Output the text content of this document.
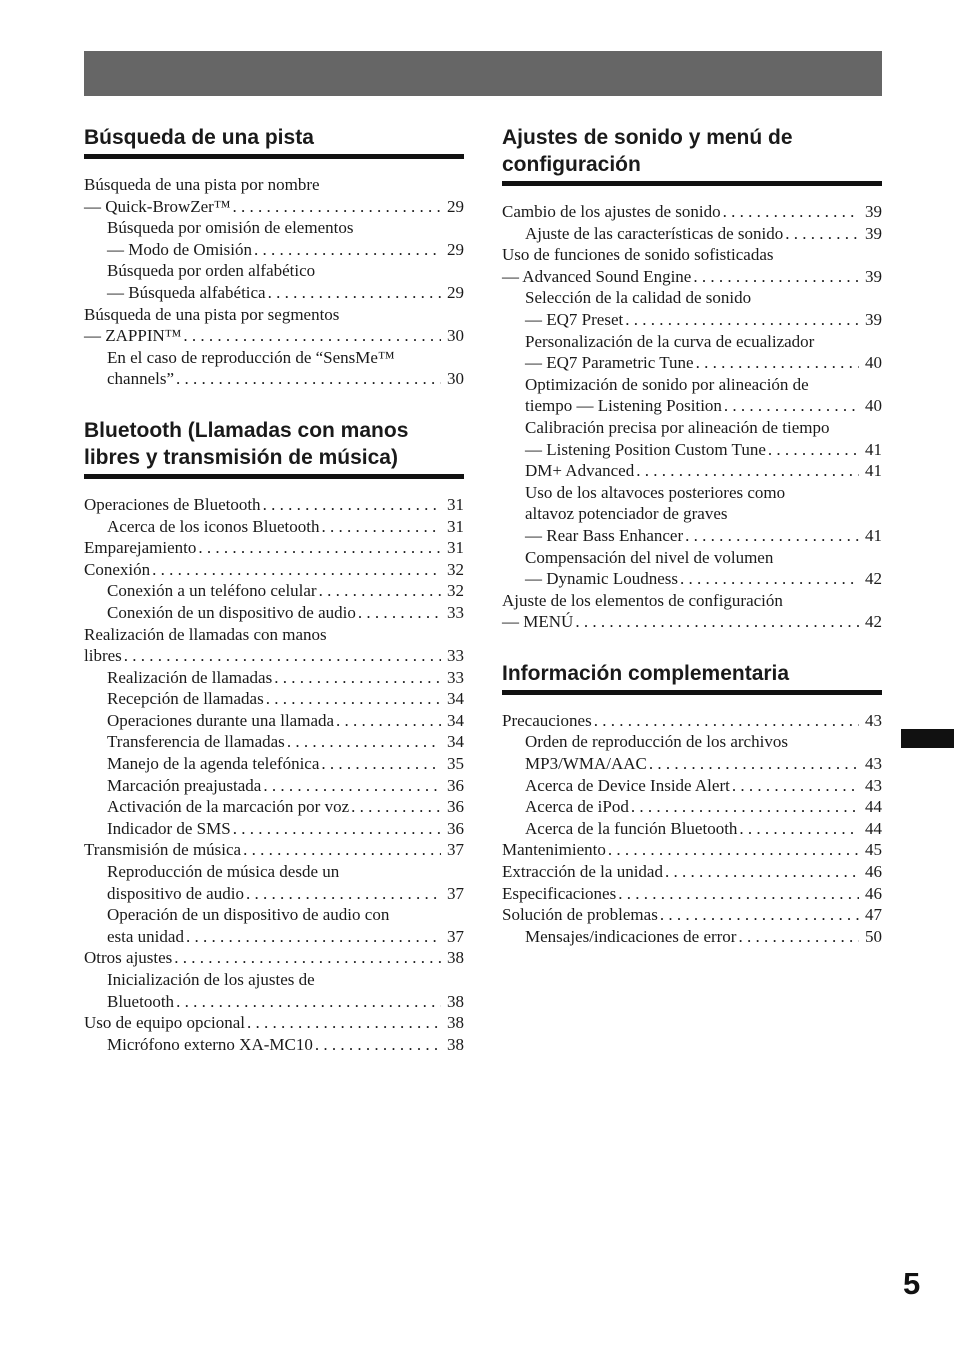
Búsqueda de una pista
Búsqueda de una pista por nombre
— Quick-BrowZer™ . . .	29
Búsqueda por omisión de elementos
— Modo de Omisión . . .	29
Búsqueda por orden alfabético
— Búsqueda alfabética . . .	29
Búsqueda de una pista por segmentos
— ZAPPIN™ . . .	30
En el caso de reproducción de “SensMe™
channels” . . .	30
Bluetooth (Llamadas con manos libres y transmisión de música)
Operaciones de Bluetooth . . .	31
Acerca de los iconos Bluetooth . . .	31
Emparejamiento . . .	31
Conexión . . .	32
Conexión a un teléfono celular . . .	32
Conexión de un dispositivo de audio . . .	33
Realización de llamadas con manos
libres . . .	33
Realización de llamadas . . .	33
Recepción de llamadas . . .	34
Operaciones durante una llamada . . .	34
Transferencia de llamadas . . .	34
Manejo de la agenda telefónica . . .	35
Marcación preajustada . . .	36
Activación de la marcación por voz . . .	36
Indicador de SMS . . .	36
Transmisión de música . . .	37
Reproducción de música desde un
dispositivo de audio . . .	37
Operación de un dispositivo de audio con
esta unidad . . .	37
Otros ajustes . . .	38
Inicialización de los ajustes de
Bluetooth . . .	38
Uso de equipo opcional . . .	38
Micrófono externo XA-MC10 . . .	38
Ajustes de sonido y menú de configuración
Cambio de los ajustes de sonido . . .	39
Ajuste de las características de sonido . . .	39
Uso de funciones de sonido sofisticadas
— Advanced Sound Engine . . .	39
Selección de la calidad de sonido
— EQ7 Preset . . .	39
Personalización de la curva de ecualizador
— EQ7 Parametric Tune . . .	40
Optimización de sonido por alineación de
tiempo — Listening Position . . .	40
Calibración precisa por alineación de tiempo
— Listening Position Custom Tune . . .	41
DM+ Advanced . . .	41
Uso de los altavoces posteriores como
altavoz potenciador de graves
— Rear Bass Enhancer . . .	41
Compensación del nivel de volumen
— Dynamic Loudness . . .	42
Ajuste de los elementos de configuración
— MENÚ . . .	42
Información complementaria
Precauciones . . .	43
Orden de reproducción de los archivos
MP3/WMA/AAC . . .	43
Acerca de Device Inside Alert . . .	43
Acerca de iPod . . .	44
Acerca de la función Bluetooth . . .	44
Mantenimiento . . .	45
Extracción de la unidad . . .	46
Especificaciones . . .	46
Solución de problemas . . .	47
Mensajes/indicaciones de error . . .	50
5
